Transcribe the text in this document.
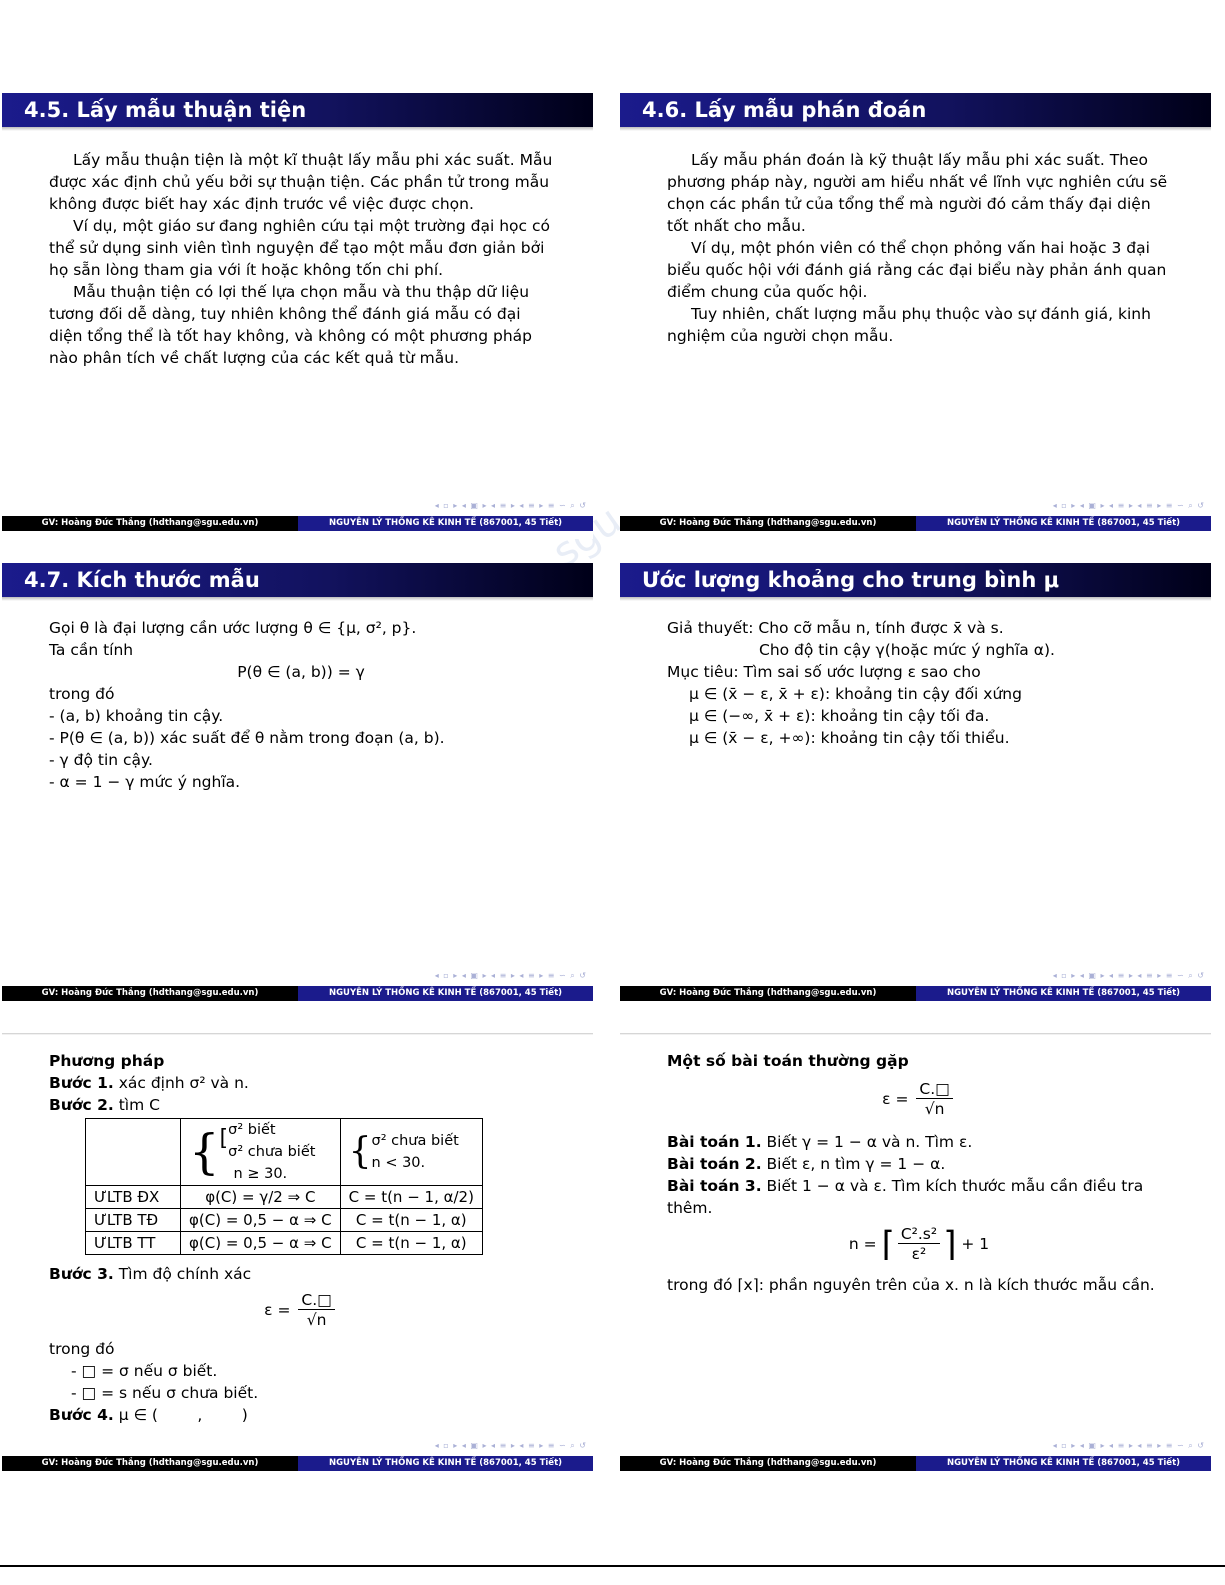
4.5. Lấy mẫu thuận tiện

Lấy mẫu thuận tiện là một kĩ thuật lấy mẫu phi xác suất. Mẫu được xác định chủ yếu bởi sự thuận tiện. Các phần tử trong mẫu không được biết hay xác định trước về việc được chọn.

Ví dụ, một giáo sư đang nghiên cứu tại một trường đại học có thể sử dụng sinh viên tình nguyện để tạo một mẫu đơn giản bởi họ sẵn lòng tham gia với ít hoặc không tốn chi phí.

Mẫu thuận tiện có lợi thế lựa chọn mẫu và thu thập dữ liệu tương đối dễ dàng, tuy nhiên không thể đánh giá mẫu có đại diện tổng thể là tốt hay không, và không có một phương pháp nào phân tích về chất lượng của các kết quả từ mẫu.

◂ ▫ ▸ ◂ ▣ ▸ ◂ ≡ ▸ ◂ ≡ ▸ ≡ ∽ ⌕ ↺
GV: Hoàng Đức Thắng (hdthang@sgu.edu.vn)	NGUYÊN LÝ THỐNG KÊ KINH TẾ (867001, 45 Tiết)
4.6. Lấy mẫu phán đoán

Lấy mẫu phán đoán là kỹ thuật lấy mẫu phi xác suất. Theo phương pháp này, người am hiểu nhất về lĩnh vực nghiên cứu sẽ chọn các phần tử của tổng thể mà người đó cảm thấy đại diện tốt nhất cho mẫu.

Ví dụ, một phón viên có thể chọn phỏng vấn hai hoặc 3 đại biểu quốc hội với đánh giá rằng các đại biểu này phản ánh quan điểm chung của quốc hội.

Tuy nhiên, chất lượng mẫu phụ thuộc vào sự đánh giá, kinh nghiệm của người chọn mẫu.

◂ ▫ ▸ ◂ ▣ ▸ ◂ ≡ ▸ ◂ ≡ ▸ ≡ ∽ ⌕ ↺
GV: Hoàng Đức Thắng (hdthang@sgu.edu.vn)	NGUYÊN LÝ THỐNG KÊ KINH TẾ (867001, 45 Tiết)
4.7. Kích thước mẫu

Gọi θ là đại lượng cần ước lượng θ ∈ {μ, σ², p}.

Ta cần tính

P(θ ∈ (a, b)) = γ

trong đó

- (a, b) khoảng tin cậy.

- P(θ ∈ (a, b)) xác suất để θ nằm trong đoạn (a, b).

- γ độ tin cậy.

- α = 1 − γ mức ý nghĩa.

◂ ▫ ▸ ◂ ▣ ▸ ◂ ≡ ▸ ◂ ≡ ▸ ≡ ∽ ⌕ ↺
GV: Hoàng Đức Thắng (hdthang@sgu.edu.vn)	NGUYÊN LÝ THỐNG KÊ KINH TẾ (867001, 45 Tiết)
Ước lượng khoảng cho trung bình μ

Giả thuyết: Cho cỡ mẫu n, tính được x̄ và s.

Cho độ tin cậy γ(hoặc mức ý nghĩa α).

Mục tiêu: Tìm sai số ước lượng ε sao cho

μ ∈ (x̄ − ε, x̄ + ε): khoảng tin cậy đối xứng

μ ∈ (−∞, x̄ + ε): khoảng tin cậy tối đa.

μ ∈ (x̄ − ε, +∞): khoảng tin cậy tối thiểu.

◂ ▫ ▸ ◂ ▣ ▸ ◂ ≡ ▸ ◂ ≡ ▸ ≡ ∽ ⌕ ↺
GV: Hoàng Đức Thắng (hdthang@sgu.edu.vn)	NGUYÊN LÝ THỐNG KÊ KINH TẾ (867001, 45 Tiết)

Phương pháp

Bước 1. xác định σ² và n.

Bước 2. tìm C

	{[ σ² biết
σ² chưa biết

n ≥ 30.	{ σ² chưa biết
n < 30.

ƯLTB ĐX	φ(C) = γ/2 ⇒ C	C = t(n − 1, α/2)
ƯLTB TĐ	φ(C) = 0,5 − α ⇒ C	C = t(n − 1, α)
ƯLTB TT	φ(C) = 0,5 − α ⇒ C	C = t(n − 1, α)

Bước 3. Tìm độ chính xác

$\varepsilon = \frac{C.□}{√n}$

trong đó

- □ = σ nếu σ biết.

- □ = s nếu σ chưa biết.

Bước 4. μ ∈ (        ,        )

◂ ▫ ▸ ◂ ▣ ▸ ◂ ≡ ▸ ◂ ≡ ▸ ≡ ∽ ⌕ ↺
GV: Hoàng Đức Thắng (hdthang@sgu.edu.vn)	NGUYÊN LÝ THỐNG KÊ KINH TẾ (867001, 45 Tiết)

Một số bài toán thường gặp

$\varepsilon = \frac{C.□}{√n}$

Bài toán 1. Biết γ = 1 − α và n. Tìm ε.

Bài toán 2. Biết ε, n tìm γ = 1 − α.

Bài toán 3. Biết 1 − α và ε. Tìm kích thước mẫu cần điều tra thêm.

n = ⌈ $\frac{\text{C².s²}}{\text{ε²}}$ ⌉ + 1

trong đó ⌈x⌉: phần nguyên trên của x. n là kích thước mẫu cần.

◂ ▫ ▸ ◂ ▣ ▸ ◂ ≡ ▸ ◂ ≡ ▸ ≡ ∽ ⌕ ↺
GV: Hoàng Đức Thắng (hdthang@sgu.edu.vn)	NGUYÊN LÝ THỐNG KÊ KINH TẾ (867001, 45 Tiết)
